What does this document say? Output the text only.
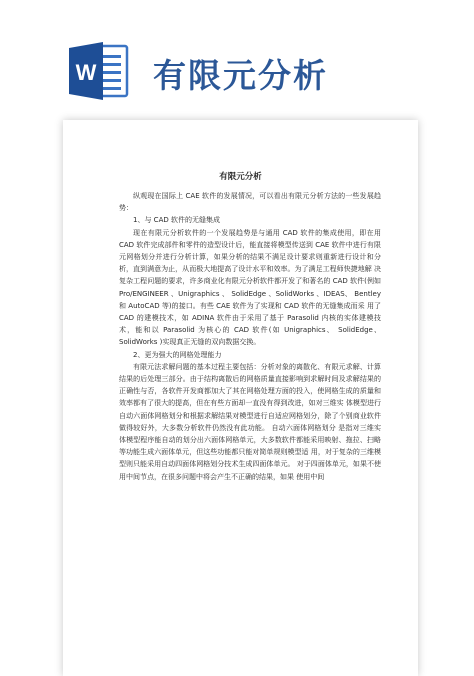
W 有限元分析
有限元分析

纵观现在国际上 CAE 软件的发展情况，可以看出有限元分析方法的一些发展趋势：

1、与 CAD 软件的无缝集成

现在有限元分析软件的一个发展趋势是与通用 CAD 软件的集成使用，即在用 CAD 软件完成部件和零件的造型设计后，能直接将模型传送到 CAE 软件中进行有限元网格划分并进行分析计算，如果分析的结果不满足设计要求则重新进行设计和分析，直到满意为止，从而极大地提高了设计水平和效率。为了满足工程师快捷地解 决复杂工程问题的要求，许多商业化有限元分析软件都开发了和著名的 CAD 软件(例如 Pro/ENGINEER 、Unigraphics 、 SolidEdge 、SolidWorks 、IDEAS、 Bentley 和 AutoCAD 等)的接口。有些 CAE 软件为了实现和 CAD 软件的无缝集成而采 用了 CAD 的建模技术，如 ADINA 软件由于采用了基于 Parasolid 内核的实体建模技术，能和以 Parasolid 为核心的 CAD 软件(如 Unigraphics、 SolidEdge、 SolidWorks )实现真正无缝的双向数据交换。

2、更为强大的网格处理能力

有限元法求解问题的基本过程主要包括：分析对象的离散化、有限元求解、计算结果的后处理三部分。由于结构离散后的网格质量直接影响到求解时间及求解结果的 正确性与否，各软件开发商都加大了其在网格处理方面的投入，使网格生成的质量和效率都有了很大的提高，但在有些方面却一直没有得到改进，如对三维实 体模型进行自动六面体网格划分和根据求解结果对模型进行自适应网格划分，除了个别商业软件做得较好外，大多数分析软件仍然没有此功能。 自动六面体网格划分 是指对三维实体模型程序能自动的划分出六面体网格单元，大多数软件都能采用映射、拖拉、扫略等功能生成六面体单元，但这些功能都只能对简单规则模型适 用，对于复杂的三维模型则只能采用自动四面体网格划分技术生成四面体单元。 对于四面体单元，如果不使用中间节点，在很多问题中将会产生不正确的结果，如果 使用中间
